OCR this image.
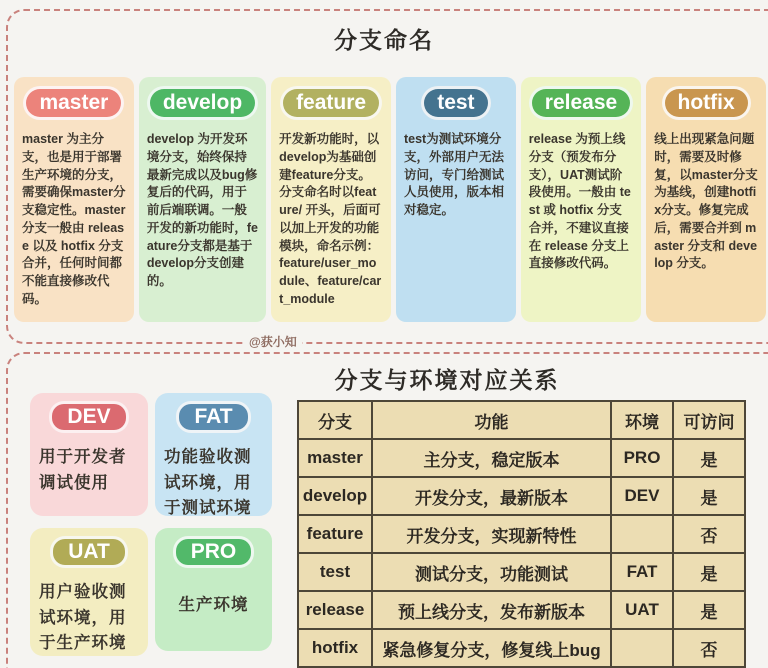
分支命名
master
master 为主分支，也是用于部署生产环境的分支，需要确保master分支稳定性。master 分支一般由 release 以及 hotfix 分支合并，任何时间都不能直接修改代码。
develop
develop 为开发环境分支，始终保持最新完成以及bug修复后的代码，用于前后端联调。一般开发的新功能时，feature分支都是基于develop分支创建的。
feature
开发新功能时，以develop为基础创建feature分支。分支命名时以feature/ 开头，后面可以加上开发的功能模块，命名示例：feature/user_module、feature/cart_module
test
test为测试环境分支，外部用户无法访问，专门给测试人员使用，版本相对稳定。
release
release 为预上线分支（预发布分支），UAT测试阶段使用。一般由 test 或 hotfix 分支合并，不建议直接在 release 分支上直接修改代码。
hotfix
线上出现紧急问题时，需要及时修复，以master分支为基线，创建hotfix分支。修复完成后，需要合并到 master 分支和 develop 分支。
@获小知
分支与环境对应关系
DEV
用于开发者调试使用
FAT
功能验收测试环境，用于测试环境
UAT
用户验收测试环境，用于生产环境
PRO
生产环境
分支	功能	环境	可访问
master	主分支，稳定版本	PRO	是
develop	开发分支，最新版本	DEV	是
feature	开发分支，实现新特性		否
test	测试分支，功能测试	FAT	是
release	预上线分支，发布新版本	UAT	是
hotfix	紧急修复分支，修复线上bug		否
